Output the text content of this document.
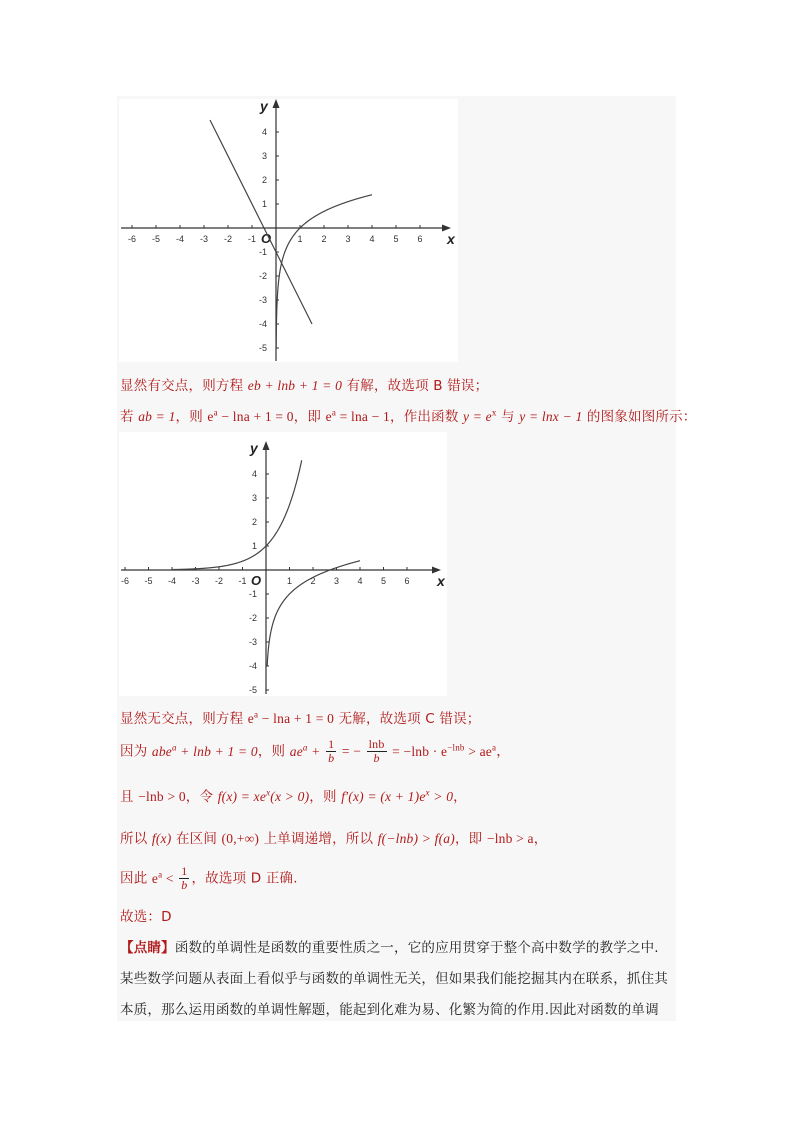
-6 -5 -4 -3 -2 -1	1 2 3 4 5 6
4
3
2
1
-1
-2
-3
-4
-5
O	x
y
显然有交点，则方程 eb + lnb + 1 = 0 有解，故选项 B 错误；
若 ab = 1，则 $e^a - \ln a + 1 = 0$，即 $e^a = \ln a - 1$，作出函数 $y = e^x$ 与 y = lnx − 1 的图象如图所示：
-6 -5 -4 -3 -2 -1	1 2 3 4 5 6
4
3
2
1
-1
-2
-3
-4
-5
O	x
y
显然无交点，则方程 $e^a - \ln a + 1 = 0$ 无解，故选项 C 错误；
因为 abe$^a$ + lnb + 1 = 0，则 $ae^a + \frac{1}{b}$ = − $\frac{\ln b}{b} = -\ln b \cdot e^{-lnb} > ae^a$，
且 −lnb > 0，令 $f(x) = xe^x(x > 0)$，则 $f'(x) = (x + 1)e^x > 0$，
所以 f(x) 在区间 (0,+∞) 上单调递增，所以 f(−lnb) > f(a)，即 −lnb > a，
因此 $e^a < \frac{1}{b}$ ，故选项 D 正确.
故选：D
【点睛】函数的单调性是函数的重要性质之一，它的应用贯穿于整个高中数学的教学之中.
某些数学问题从表面上看似乎与函数的单调性无关，但如果我们能挖掘其内在联系，抓住其
本质，那么运用函数的单调性解题，能起到化难为易、化繁为简的作用.因此对函数的单调
